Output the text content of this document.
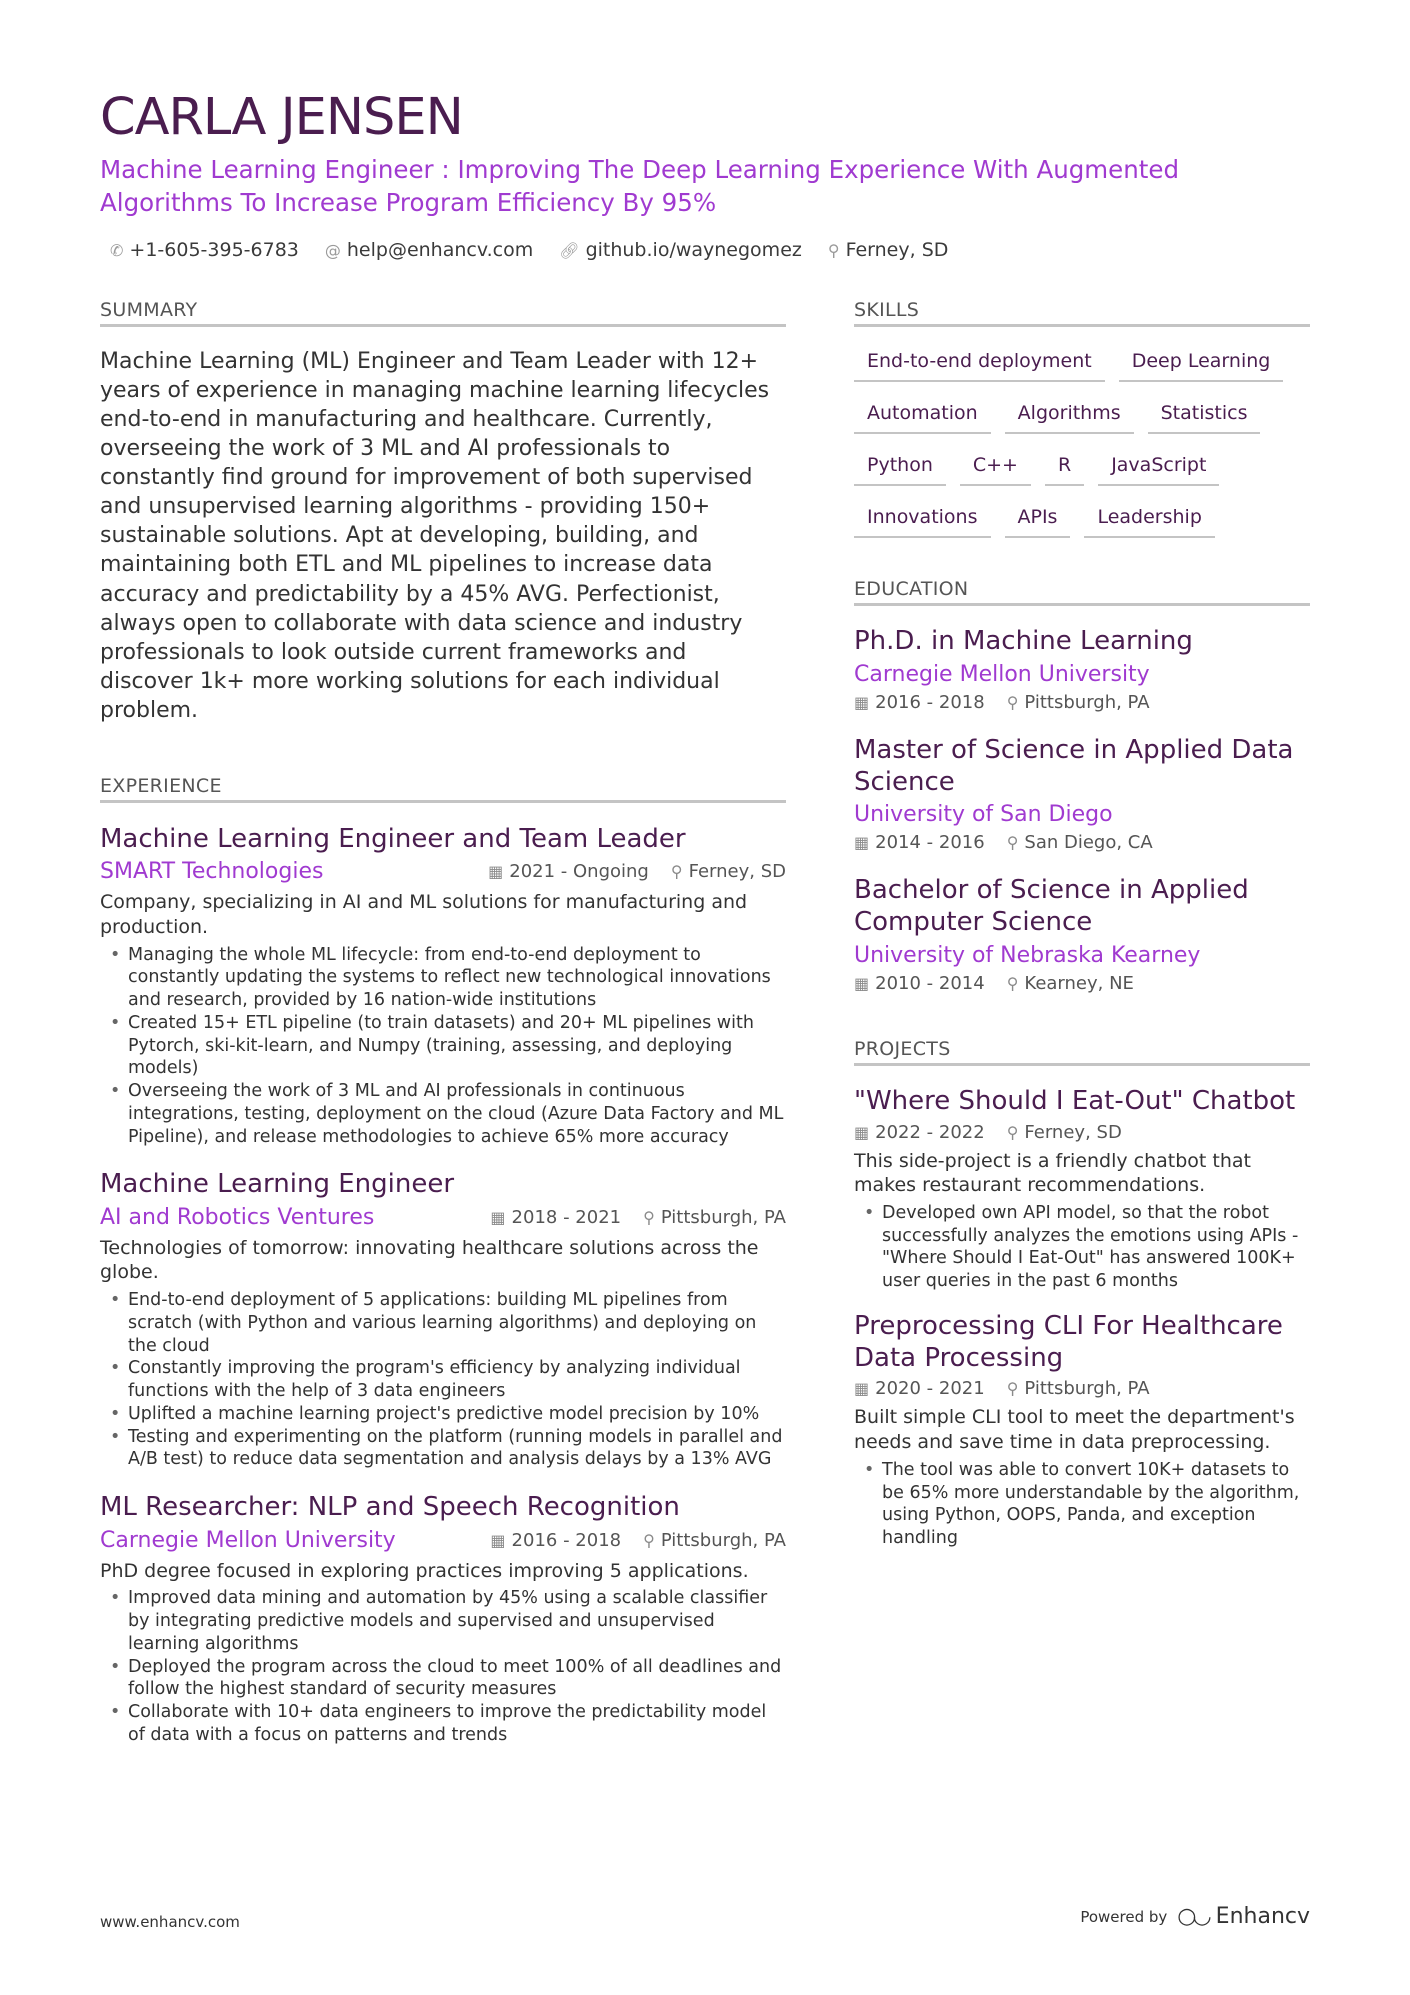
CARLA JENSEN
Machine Learning Engineer : Improving The Deep Learning Experience With Augmented Algorithms To Increase Program Efficiency By 95%
✆ +1-605-395-6783 @ help@enhancv.com 🔗︎ github.io/waynegomez ⚲ Ferney, SD
SUMMARY

Machine Learning (ML) Engineer and Team Leader with 12+ years of experience in managing machine learning lifecycles end-to-end in manufacturing and healthcare. Currently, overseeing the work of 3 ML and AI professionals to constantly find ground for improvement of both supervised and unsupervised learning algorithms - providing 150+ sustainable solutions. Apt at developing, building, and maintaining both ETL and ML pipelines to increase data accuracy and predictability by a 45% AVG. Perfectionist, always open to collaborate with data science and industry professionals to look outside current frameworks and discover 1k+ more working solutions for each individual problem.

EXPERIENCE
Machine Learning Engineer and Team Leader
SMART Technologies	▦ 2021 - Ongoing ⚲ Ferney, SD
Company, specializing in AI and ML solutions for manufacturing and production.
• Managing the whole ML lifecycle: from end-to-end deployment to constantly updating the systems to reflect new technological innovations and research, provided by 16 nation-wide institutions
• Created 15+ ETL pipeline (to train datasets) and 20+ ML pipelines with Pytorch, ski-kit-learn, and Numpy (training, assessing, and deploying models)
• Overseeing the work of 3 ML and AI professionals in continuous integrations, testing, deployment on the cloud (Azure Data Factory and ML Pipeline), and release methodologies to achieve 65% more accuracy
Machine Learning Engineer
AI and Robotics Ventures	▦ 2018 - 2021 ⚲ Pittsburgh, PA
Technologies of tomorrow: innovating healthcare solutions across the globe.
• End-to-end deployment of 5 applications: building ML pipelines from scratch (with Python and various learning algorithms) and deploying on the cloud
• Constantly improving the program's efficiency by analyzing individual functions with the help of 3 data engineers
• Uplifted a machine learning project's predictive model precision by 10%
• Testing and experimenting on the platform (running models in parallel and A/B test) to reduce data segmentation and analysis delays by a 13% AVG
ML Researcher: NLP and Speech Recognition
Carnegie Mellon University	▦ 2016 - 2018 ⚲ Pittsburgh, PA
PhD degree focused in exploring practices improving 5 applications.
• Improved data mining and automation by 45% using a scalable classifier by integrating predictive models and supervised and unsupervised learning algorithms
• Deployed the program across the cloud to meet 100% of all deadlines and follow the highest standard of security measures
• Collaborate with 10+ data engineers to improve the predictability model of data with a focus on patterns and trends
SKILLS
End-to-end deployment	Deep Learning
Automation	Algorithms	Statistics
Python	C++	R	JavaScript
Innovations	APIs	Leadership
EDUCATION
Ph.D. in Machine Learning
Carnegie Mellon University
▦ 2016 - 2018 ⚲ Pittsburgh, PA
Master of Science in Applied Data Science
University of San Diego
▦ 2014 - 2016 ⚲ San Diego, CA
Bachelor of Science in Applied Computer Science
University of Nebraska Kearney
▦ 2010 - 2014 ⚲ Kearney, NE
PROJECTS
"Where Should I Eat-Out" Chatbot
▦ 2022 - 2022 ⚲ Ferney, SD
This side-project is a friendly chatbot that makes restaurant recommendations.
• Developed own API model, so that the robot successfully analyzes the emotions using APIs - "Where Should I Eat-Out" has answered 100K+ user queries in the past 6 months
Preprocessing CLI For Healthcare Data Processing
▦ 2020 - 2021 ⚲ Pittsburgh, PA
Built simple CLI tool to meet the department's needs and save time in data preprocessing.
• The tool was able to convert 10K+ datasets to be 65% more understandable by the algorithm, using Python, OOPS, Panda, and exception handling
www.enhancv.com	Powered by ○◡ Enhancv
